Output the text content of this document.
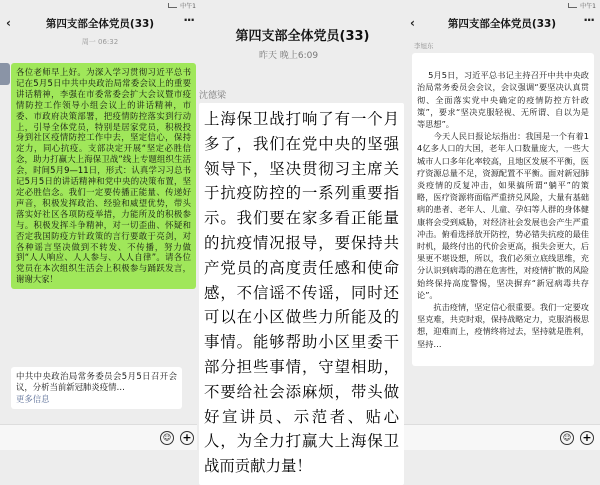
中午1
‹	第四支部全体党员(33) ···
周一 06:32
各位老师早上好。为深入学习贯彻习近平总书记在5月5日中共中央政治局常委会议上的重要讲话精神，李强在市委常委会扩大会议暨市疫情防控工作领导小组会议上的讲话精神，市委、市政府决策部署，把疫情防控落实到行动上，引导全体党员，特别是居家党员，积极投身到社区疫情防控工作中去，坚定信心，保持定力，同心抗疫。支部决定开展“坚定必胜信念，助力打赢大上海保卫战”线上专题组织生活会，时间5月9—11日，形式：认真学习习总书记5月5日的讲话精神和党中央的决策布置，坚定必胜信念。我们一定要传播正能量、传递好声音，积极发挥政治、经验和威望优势，带头落实好社区各项防疫举措，力能所及的积极参与。积极发挥斗争精神，对一切歪曲、怀疑和否定我国防疫方针政策的言行要敢于亮剑，对各种谣言坚决做到不转发、不传播，努力做到“人人响应、人人参与、人人自律”。请各位党员在本次组织生活会上积极参与踊跃发言，谢谢大家！
中共中央政治局常务委员会5月5日召开会议，分析当前新冠肺炎疫情…
更多信息
☺ +
第四支部全体党员(33)
昨天 晚上6:09
沈德梁
上海保卫战打响了有一个月多了，我们在党中央的坚强领导下，坚决贯彻习主席关于抗疫防控的一系列重要指示。我们要在家多看正能量的抗疫情况报导，要保持共产党员的高度责任感和使命感，不信谣不传谣，同时还可以在小区做些力所能及的事情。能够帮助小区里委干部分担些事情，守望相助，不要给社会添麻烦，带头做好宣讲员、示范者、贴心人，为全力打赢大上海保卫战而贡献力量！
中午1
‹	第四支部全体党员(33) ···
李旭东

5月5日，习近平总书记主持召开中共中央政治局常务委员会会议，会议强调“要坚决认真贯彻、全面落实党中央确定的疫情防控方针政策”，要求“坚决克服轻视、无所谓、自以为是等思想”。
　　今天人民日报论坛指出：我国是一个有着14亿多人口的大国，老年人口数量庞大，一些大城市人口多年化率较高，且地区发展不平衡，医疗资源总量不足，资源配置不平衡。面对新冠肺炎疫情的反复冲击，如果搞所谓“躺平”的策略，医疗资源将面临严重挤兑风险，大量有基础病的患者、老年人、儿童、孕妇等人群的身体健康将会受到威胁，对经济社会发展也会产生严重冲击。俯看选择放开防控，势必错失抗疫的最佳时机，最终付出的代价会更高，损失会更大，后果更不堪设想，所以，我们必须立底线思维，充分认识到病毒的潜在危害性，对疫情扩散的风险始终保持高度警惕，坚决摒弃“新冠病毒共存论”。
　　抗击疫情，坚定信心很重要。我们一定要攻坚克难，共克时艰，保持战略定力，克服消极思想，迎难而上，疫情终将过去，坚持就是胜利，坚持…

☺ +
